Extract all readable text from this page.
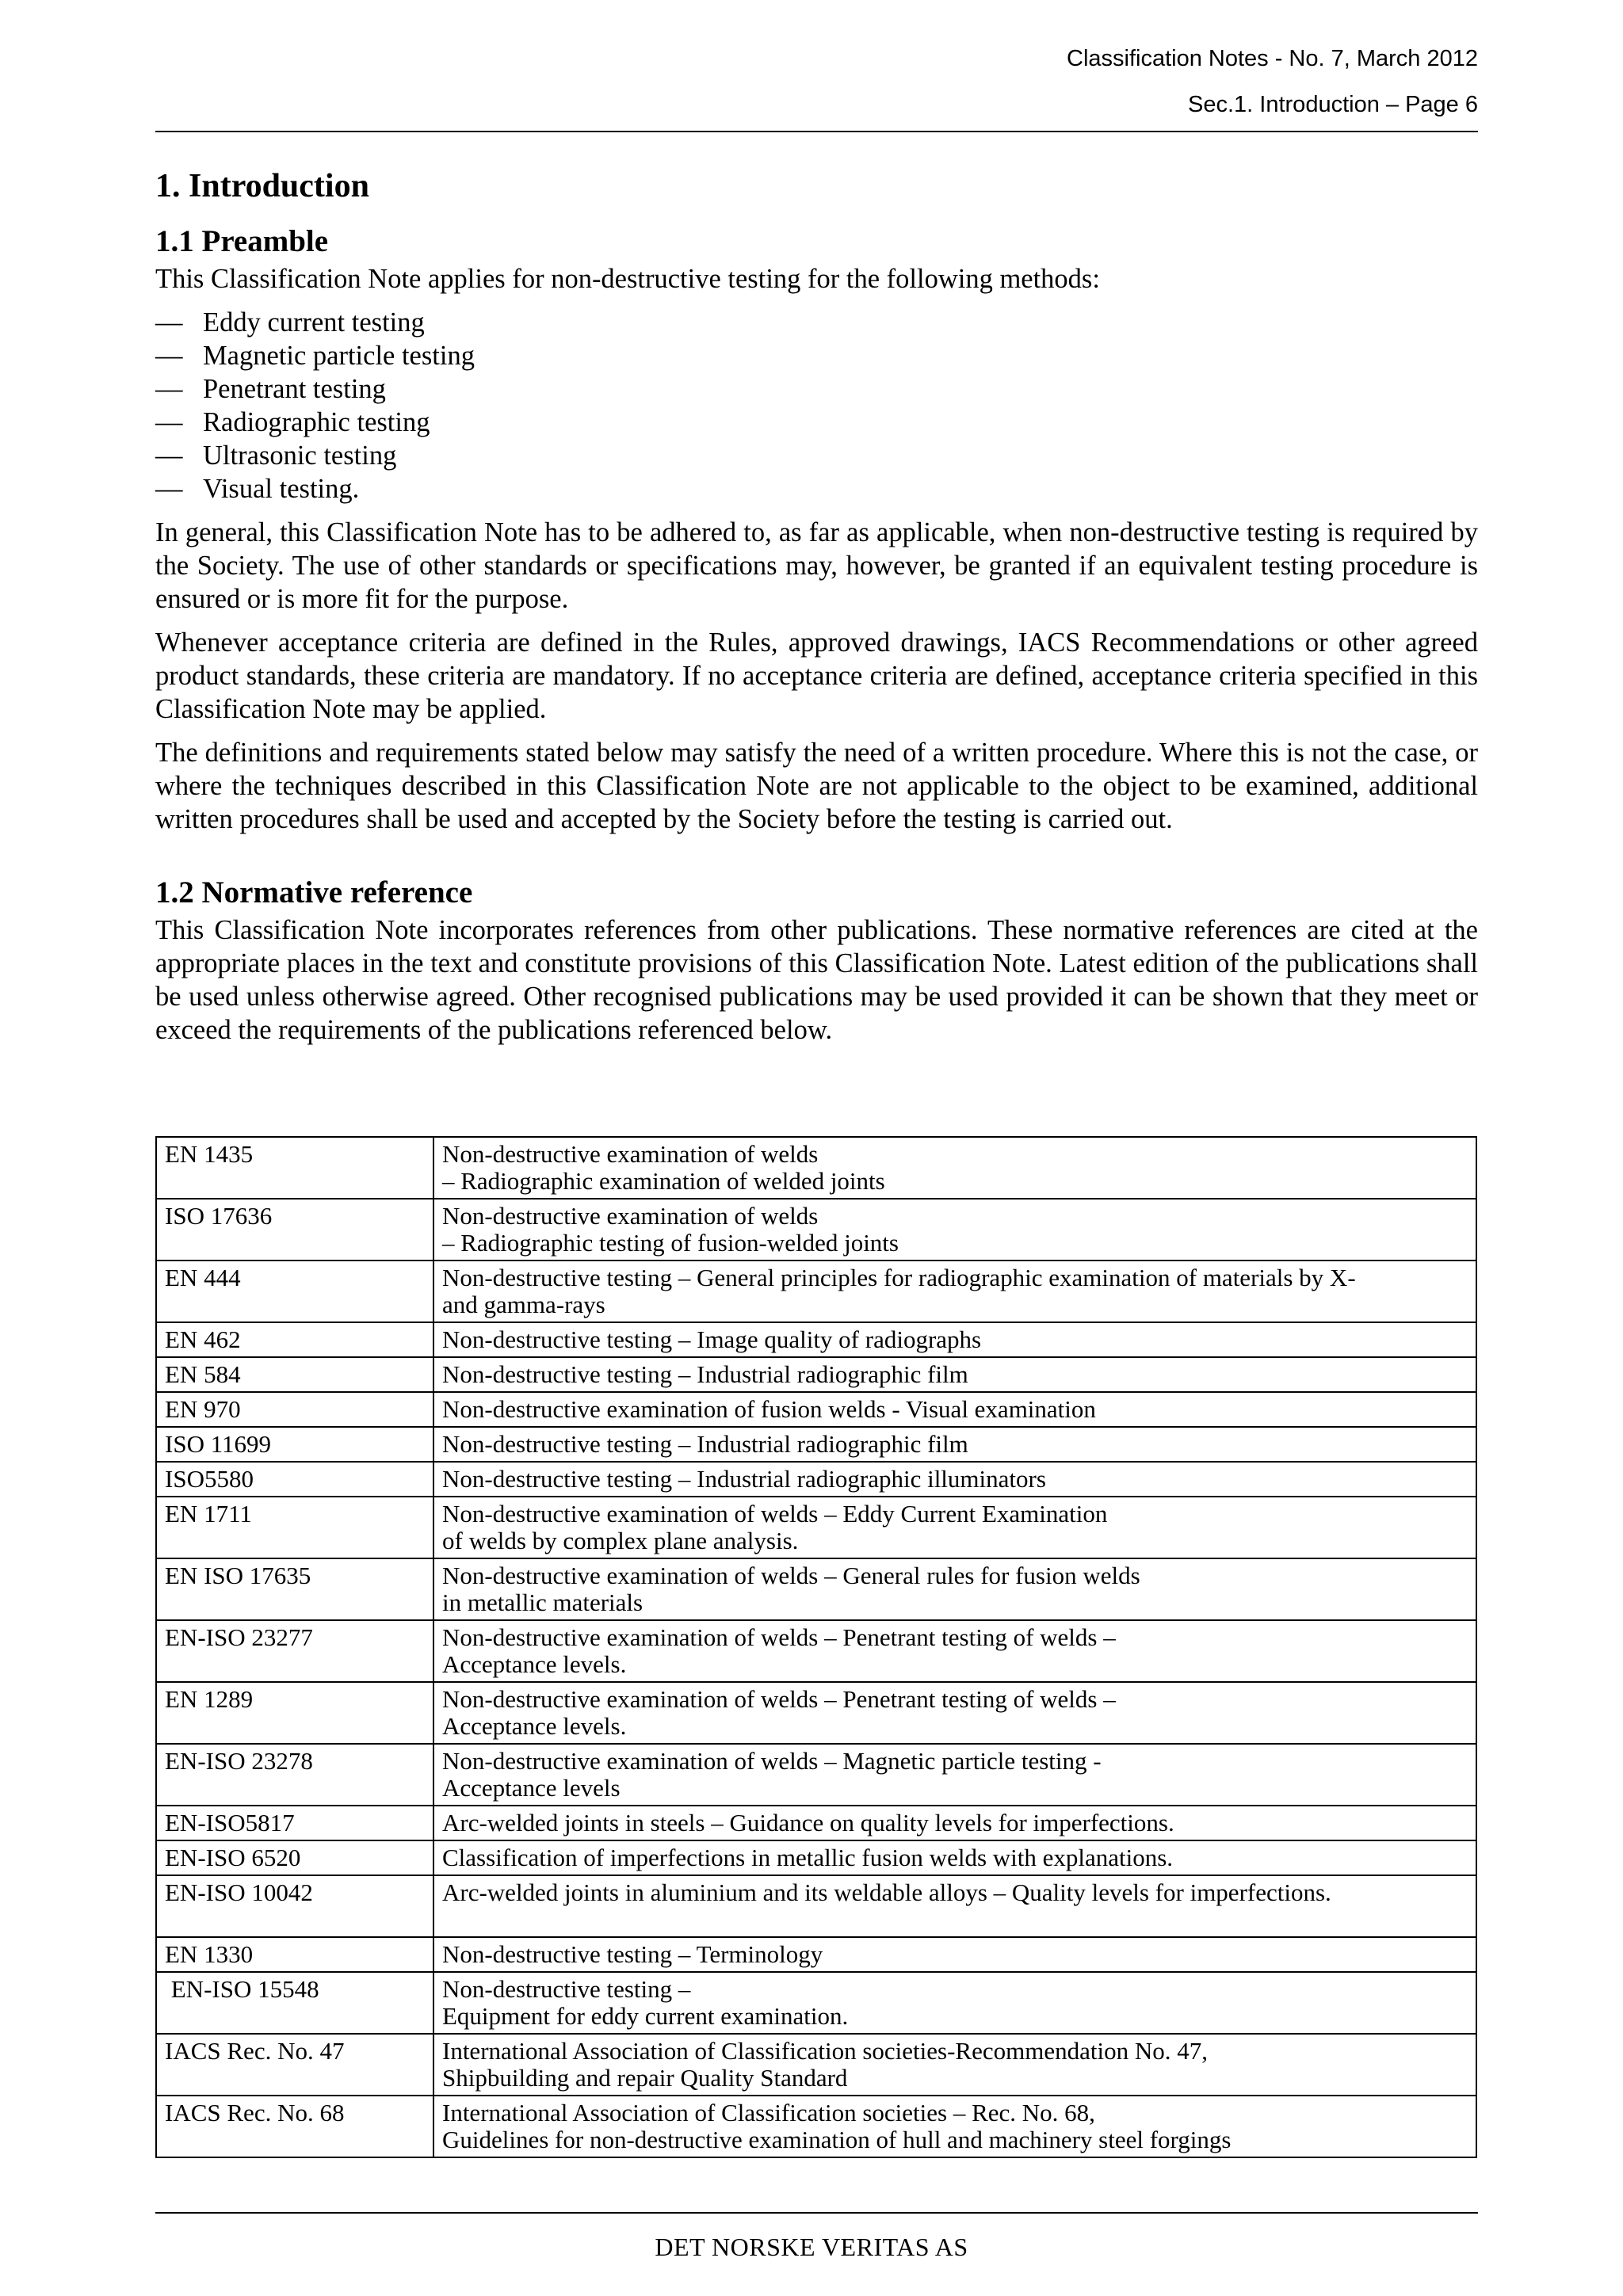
Classification Notes - No. 7, March 2012
Sec.1. Introduction – Page 6
1. Introduction
1.1 Preamble

This Classification Note applies for non-destructive testing for the following methods:

— Eddy current testing
— Magnetic particle testing
— Penetrant testing
— Radiographic testing
— Ultrasonic testing
— Visual testing.

In general, this Classification Note has to be adhered to, as far as applicable, when non-destructive testing is required by the Society. The use of other standards or specifications may, however, be granted if an equivalent testing procedure is ensured or is more fit for the purpose.

Whenever acceptance criteria are defined in the Rules, approved drawings, IACS Recommendations or other agreed product standards, these criteria are mandatory. If no acceptance criteria are defined, acceptance criteria specified in this Classification Note may be applied.

The definitions and requirements stated below may satisfy the need of a written procedure. Where this is not the case, or where the techniques described in this Classification Note are not applicable to the object to be examined, additional written procedures shall be used and accepted by the Society before the testing is carried out.

1.2 Normative reference

This Classification Note incorporates references from other publications. These normative references are cited at the appropriate places in the text and constitute provisions of this Classification Note. Latest edition of the publications shall be used unless otherwise agreed. Other recognised publications may be used provided it can be shown that they meet or exceed the requirements of the publications referenced below.

EN 1435	Non-destructive examination of welds
– Radiographic examination of welded joints
ISO 17636	Non-destructive examination of welds
– Radiographic testing of fusion-welded joints
EN 444	Non-destructive testing – General principles for radiographic examination of materials by X-
and gamma-rays
EN 462	Non-destructive testing – Image quality of radiographs
EN 584	Non-destructive testing – Industrial radiographic film
EN 970	Non-destructive examination of fusion welds - Visual examination
ISO 11699	Non-destructive testing – Industrial radiographic film
ISO5580	Non-destructive testing – Industrial radiographic illuminators
EN 1711	Non-destructive examination of welds – Eddy Current Examination
of welds by complex plane analysis.
EN ISO 17635	Non-destructive examination of welds – General rules for fusion welds
in metallic materials
EN-ISO 23277	Non-destructive examination of welds – Penetrant testing of welds –
Acceptance levels.
EN 1289	Non-destructive examination of welds – Penetrant testing of welds –
Acceptance levels.
EN-ISO 23278	Non-destructive examination of welds – Magnetic particle testing -
Acceptance levels
EN-ISO5817	Arc-welded joints in steels – Guidance on quality levels for imperfections.
EN-ISO 6520	Classification of imperfections in metallic fusion welds with explanations.
EN-ISO 10042	Arc-welded joints in aluminium and its weldable alloys – Quality levels for imperfections.
EN 1330	Non-destructive testing – Terminology
EN-ISO 15548	Non-destructive testing –
Equipment for eddy current examination.
IACS Rec. No. 47	International Association of Classification societies-Recommendation No. 47,
Shipbuilding and repair Quality Standard
IACS Rec. No. 68	International Association of Classification societies – Rec. No. 68,
Guidelines for non-destructive examination of hull and machinery steel forgings
DET NORSKE VERITAS AS
